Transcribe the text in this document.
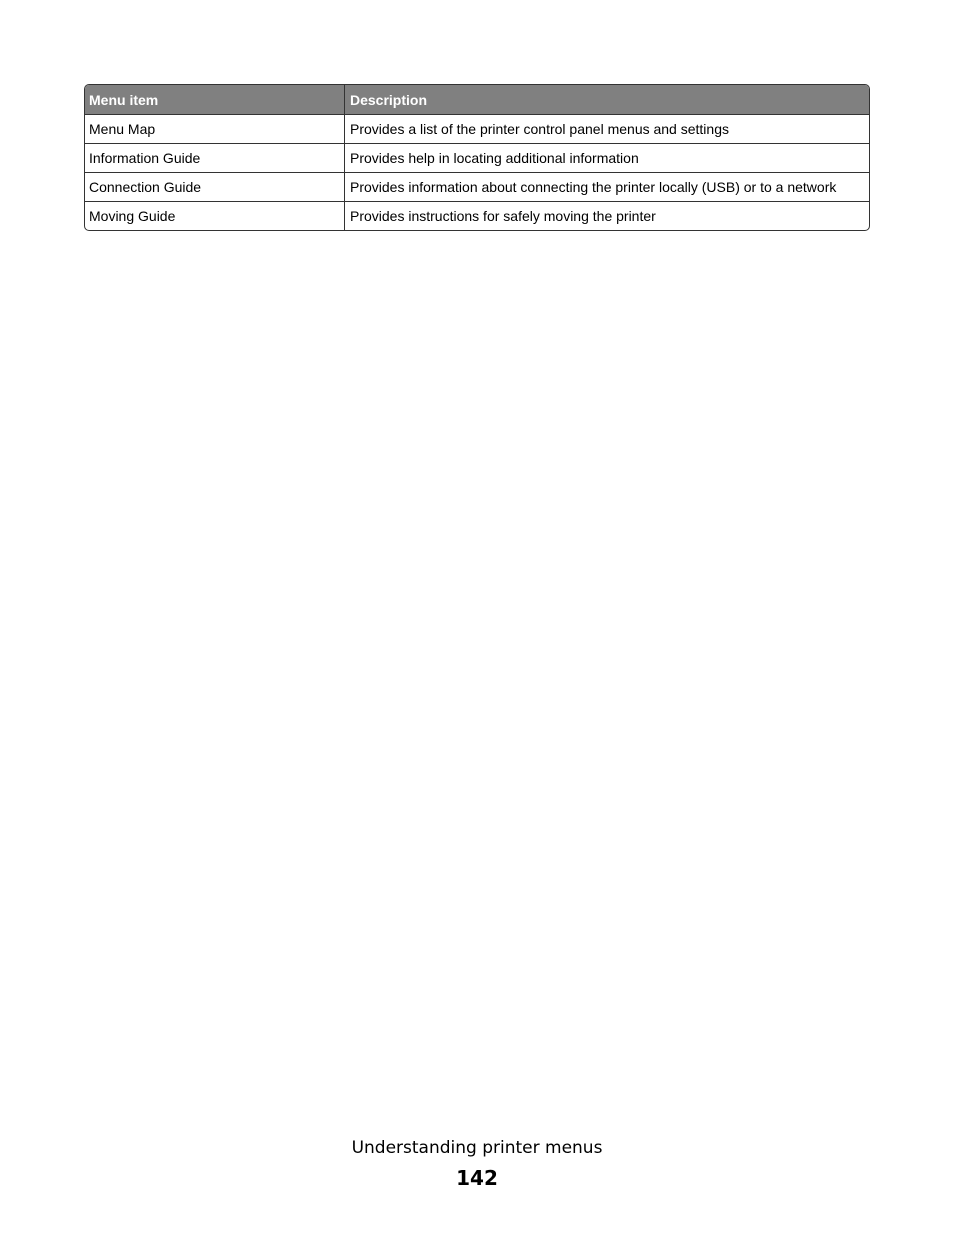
Menu item	Description
Menu Map	Provides a list of the printer control panel menus and settings
Information Guide	Provides help in locating additional information
Connection Guide	Provides information about connecting the printer locally (USB) or to a network
Moving Guide	Provides instructions for safely moving the printer
Understanding printer menus
142
